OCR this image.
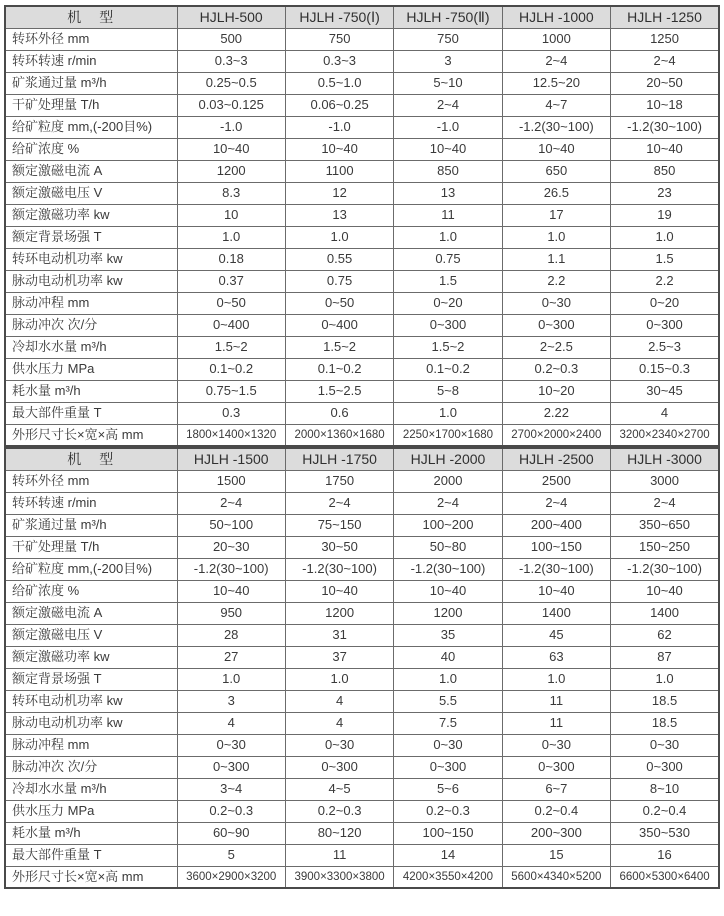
机　型	HJLH-500	HJLH -750(Ⅰ)	HJLH -750(Ⅱ)	HJLH -1000	HJLH -1250
转环外径 mm	500	750	750	1000	1250
转环转速 r/min	0.3~3	0.3~3	3	2~4	2~4
矿浆通过量 m³/h	0.25~0.5	0.5~1.0	5~10	12.5~20	20~50
干矿处理量 T/h	0.03~0.125	0.06~0.25	2~4	4~7	10~18
给矿粒度 mm,(-200目%)	-1.0	-1.0	-1.0	-1.2(30~100)	-1.2(30~100)
给矿浓度 %	10~40	10~40	10~40	10~40	10~40
额定激磁电流 A	1200	1100	850	650	850
额定激磁电压 V	8.3	12	13	26.5	23
额定激磁功率 kw	10	13	11	17	19
额定背景场强 T	1.0	1.0	1.0	1.0	1.0
转环电动机功率 kw	0.18	0.55	0.75	1.1	1.5
脉动电动机功率 kw	0.37	0.75	1.5	2.2	2.2
脉动冲程 mm	0~50	0~50	0~20	0~30	0~20
脉动冲次 次/分	0~400	0~400	0~300	0~300	0~300
冷却水水量 m³/h	1.5~2	1.5~2	1.5~2	2~2.5	2.5~3
供水压力 MPa	0.1~0.2	0.1~0.2	0.1~0.2	0.2~0.3	0.15~0.3
耗水量 m³/h	0.75~1.5	1.5~2.5	5~8	10~20	30~45
最大部件重量 T	0.3	0.6	1.0	2.22	4
外形尺寸长×宽×高 mm	1800×1400×1320	2000×1360×1680	2250×1700×1680	2700×2000×2400	3200×2340×2700
机　型	HJLH -1500	HJLH -1750	HJLH -2000	HJLH -2500	HJLH -3000
转环外径 mm	1500	1750	2000	2500	3000
转环转速 r/min	2~4	2~4	2~4	2~4	2~4
矿浆通过量 m³/h	50~100	75~150	100~200	200~400	350~650
干矿处理量 T/h	20~30	30~50	50~80	100~150	150~250
给矿粒度 mm,(-200目%)	-1.2(30~100)	-1.2(30~100)	-1.2(30~100)	-1.2(30~100)	-1.2(30~100)
给矿浓度 %	10~40	10~40	10~40	10~40	10~40
额定激磁电流 A	950	1200	1200	1400	1400
额定激磁电压 V	28	31	35	45	62
额定激磁功率 kw	27	37	40	63	87
额定背景场强 T	1.0	1.0	1.0	1.0	1.0
转环电动机功率 kw	3	4	5.5	11	18.5
脉动电动机功率 kw	4	4	7.5	11	18.5
脉动冲程 mm	0~30	0~30	0~30	0~30	0~30
脉动冲次 次/分	0~300	0~300	0~300	0~300	0~300
冷却水水量 m³/h	3~4	4~5	5~6	6~7	8~10
供水压力 MPa	0.2~0.3	0.2~0.3	0.2~0.3	0.2~0.4	0.2~0.4
耗水量 m³/h	60~90	80~120	100~150	200~300	350~530
最大部件重量 T	5	11	14	15	16
外形尺寸长×宽×高 mm	3600×2900×3200	3900×3300×3800	4200×3550×4200	5600×4340×5200	6600×5300×6400
